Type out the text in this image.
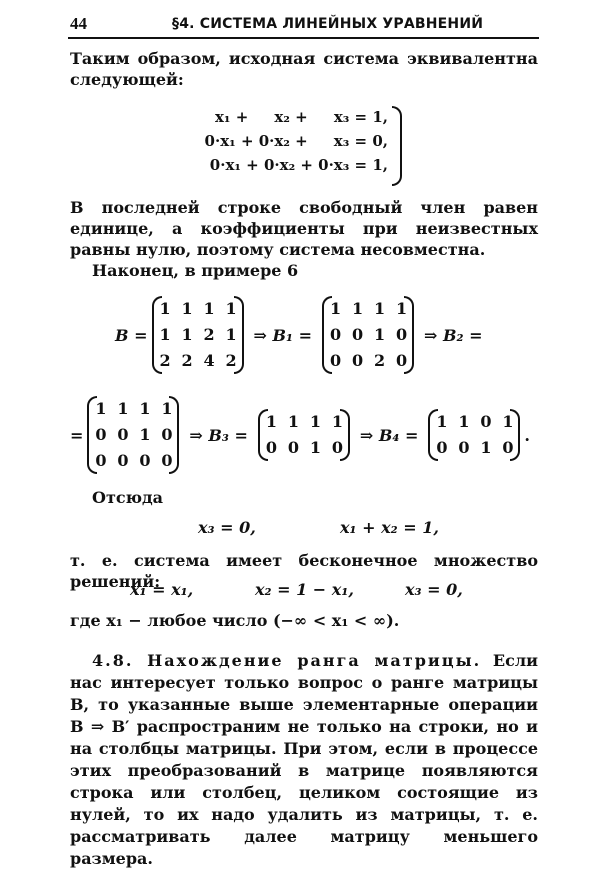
44	§4. СИСТЕМА ЛИНЕЙНЫХ УРАВНЕНИЙ
Таким образом, исходная система эквивалентна следующей:
x₁ +     x₂ +     x₃ = 1,
0·x₁ + 0·x₂ +     x₃ = 0,
0·x₁ + 0·x₂ + 0·x₃ = 1,
В последней строке свободный член равен единице, а коэффициенты при неизвестных равны нулю, поэтому система несовместна.
Наконец, в примере 6
B =
1 1 1 1
1 1 2 1
2 2 4 2
⇒ B₁ =
1 1 1 1
0 0 1 0
0 0 2 0
⇒ B₂ =
=
1 1 1 1
0 0 1 0
0 0 0 0
⇒ B₃ =
1 1 1 1
0 0 1 0
⇒ B₄ =
1 1 0 1
0 0 1 0
.
Отсюда
x₃ = 0,	x₁ + x₂ = 1,
т. е. система имеет бесконечное множество решений:
x₁ = x₁,	x₂ = 1 − x₁,	x₃ = 0,
где x₁ − любое число (−∞ < x₁ < ∞).
4.8. Нахождение ранга матрицы. Если нас интересует только вопрос о ранге матрицы B, то указанные выше элементарные операции B ⇒ B′ распространим не только на строки, но и на столбцы матрицы. При этом, если в процессе этих преобразований в матрице появляются строка или столбец, целиком состоящие из нулей, то их надо удалить из матрицы, т. е. рассматривать далее матрицу меньшего размера.
